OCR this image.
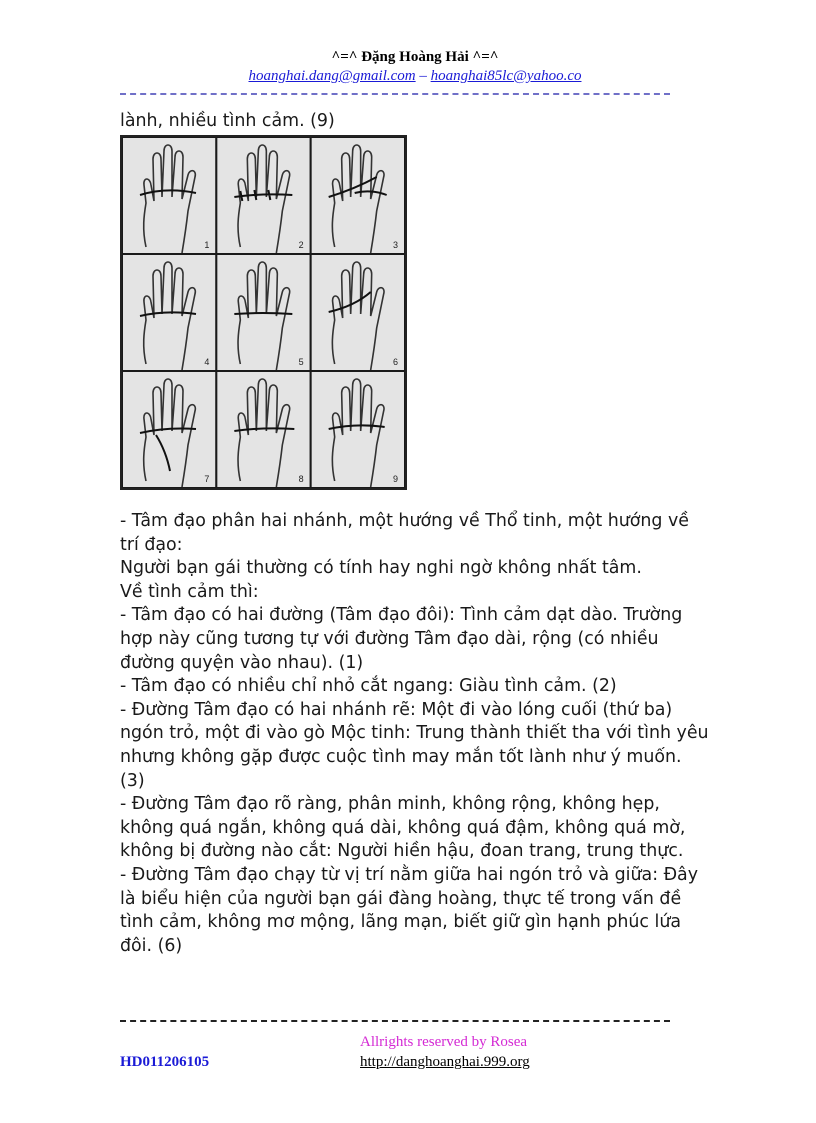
^=^ Đặng Hoàng Hải ^=^
hoanghai.dang@gmail.com – hoanghai85lc@yahoo.co
lành, nhiều tình cảm. (9)
1	2	3
4	5	6
7	8	9

- Tâm đạo phân hai nhánh, một hướng về Thổ tinh, một hướng về trí đạo:

Người bạn gái thường có tính hay nghi ngờ không nhất tâm.

Về tình cảm thì:

- Tâm đạo có hai đường (Tâm đạo đôi): Tình cảm dạt dào. Trường hợp này cũng tương tự với đường Tâm đạo dài, rộng (có nhiều đường quyện vào nhau). (1)

- Tâm đạo có nhiều chỉ nhỏ cắt ngang: Giàu tình cảm. (2)

- Đường Tâm đạo có hai nhánh rẽ: Một đi vào lóng cuối (thứ ba) ngón trỏ, một đi vào gò Mộc tinh: Trung thành thiết tha với tình yêu nhưng không gặp được cuộc tình may mắn tốt lành như ý muốn. (3)

- Đường Tâm đạo rõ ràng, phân minh, không rộng, không hẹp, không quá ngắn, không quá dài, không quá đậm, không quá mờ, không bị đường nào cắt: Người hiền hậu, đoan trang, trung thực.

- Đường Tâm đạo chạy từ vị trí nằm giữa hai ngón trỏ và giữa: Đây là biểu hiện của người bạn gái đàng hoàng, thực tế trong vấn đề tình cảm, không mơ mộng, lãng mạn, biết giữ gìn hạnh phúc lứa đôi. (6)

Allrights reserved by Rosea
http://danghoanghai.999.org
HD011206105
